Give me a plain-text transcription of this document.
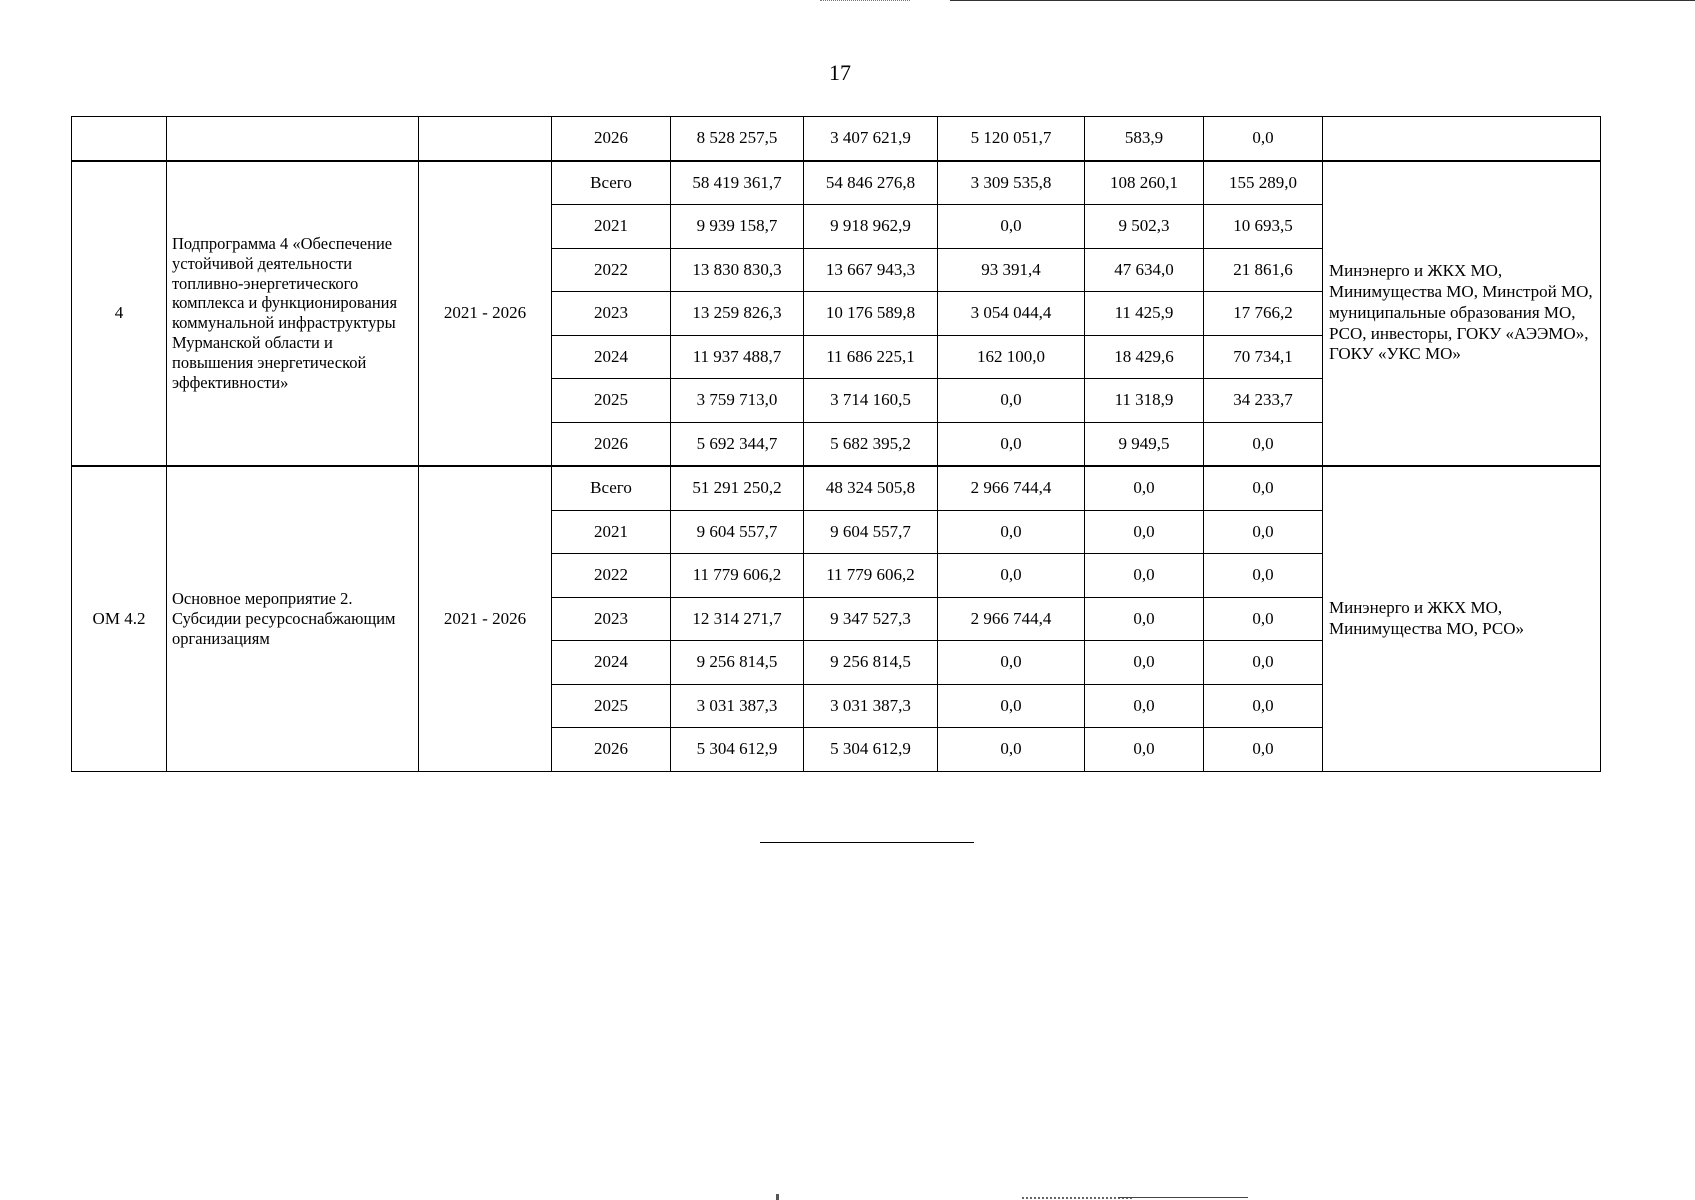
17
			2026	8 528 257,5	3 407 621,9	5 120 051,7	583,9	0,0	
4	Подпрограмма 4 «Обеспечение устойчивой деятельности топливно-энергетического комплекса и функционирования коммунальной инфраструктуры Мурманской области и повышения энергетической эффективности»	2021 - 2026	Всего	58 419 361,7	54 846 276,8	3 309 535,8	108 260,1	155 289,0	Минэнерго и ЖКХ МО, Минимущества МО, Минстрой МО, муниципальные образования МО, РСО, инвесторы, ГОКУ «АЭЭМО», ГОКУ «УКС МО»
			2021	9 939 158,7	9 918 962,9	0,0	9 502,3	10 693,5	
			2022	13 830 830,3	13 667 943,3	93 391,4	47 634,0	21 861,6	
			2023	13 259 826,3	10 176 589,8	3 054 044,4	11 425,9	17 766,2	
			2024	11 937 488,7	11 686 225,1	162 100,0	18 429,6	70 734,1	
			2025	3 759 713,0	3 714 160,5	0,0	11 318,9	34 233,7	
			2026	5 692 344,7	5 682 395,2	0,0	9 949,5	0,0	
ОМ 4.2	Основное мероприятие 2. Субсидии ресурсоснабжающим организациям	2021 - 2026	Всего	51 291 250,2	48 324 505,8	2 966 744,4	0,0	0,0	Минэнерго и ЖКХ МО, Минимущества МО, РСО»
			2021	9 604 557,7	9 604 557,7	0,0	0,0	0,0	
			2022	11 779 606,2	11 779 606,2	0,0	0,0	0,0	
			2023	12 314 271,7	9 347 527,3	2 966 744,4	0,0	0,0	
			2024	9 256 814,5	9 256 814,5	0,0	0,0	0,0	
			2025	3 031 387,3	3 031 387,3	0,0	0,0	0,0	
			2026	5 304 612,9	5 304 612,9	0,0	0,0	0,0	
